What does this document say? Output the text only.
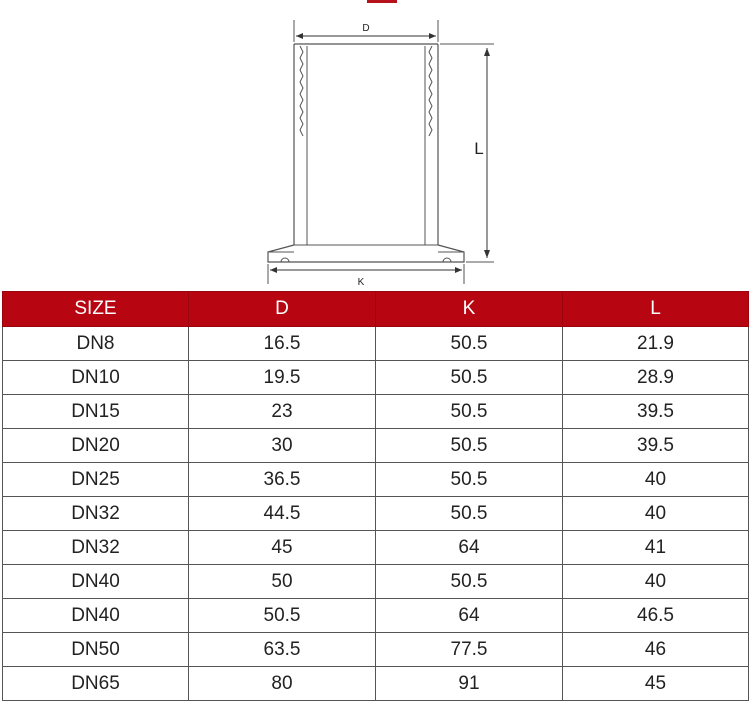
D
L
K
SIZE	D	K	L
DN8	16.5	50.5	21.9
DN10	19.5	50.5	28.9
DN15	23	50.5	39.5
DN20	30	50.5	39.5
DN25	36.5	50.5	40
DN32	44.5	50.5	40
DN32	45	64	41
DN40	50	50.5	40
DN40	50.5	64	46.5
DN50	63.5	77.5	46
DN65	80	91	45
